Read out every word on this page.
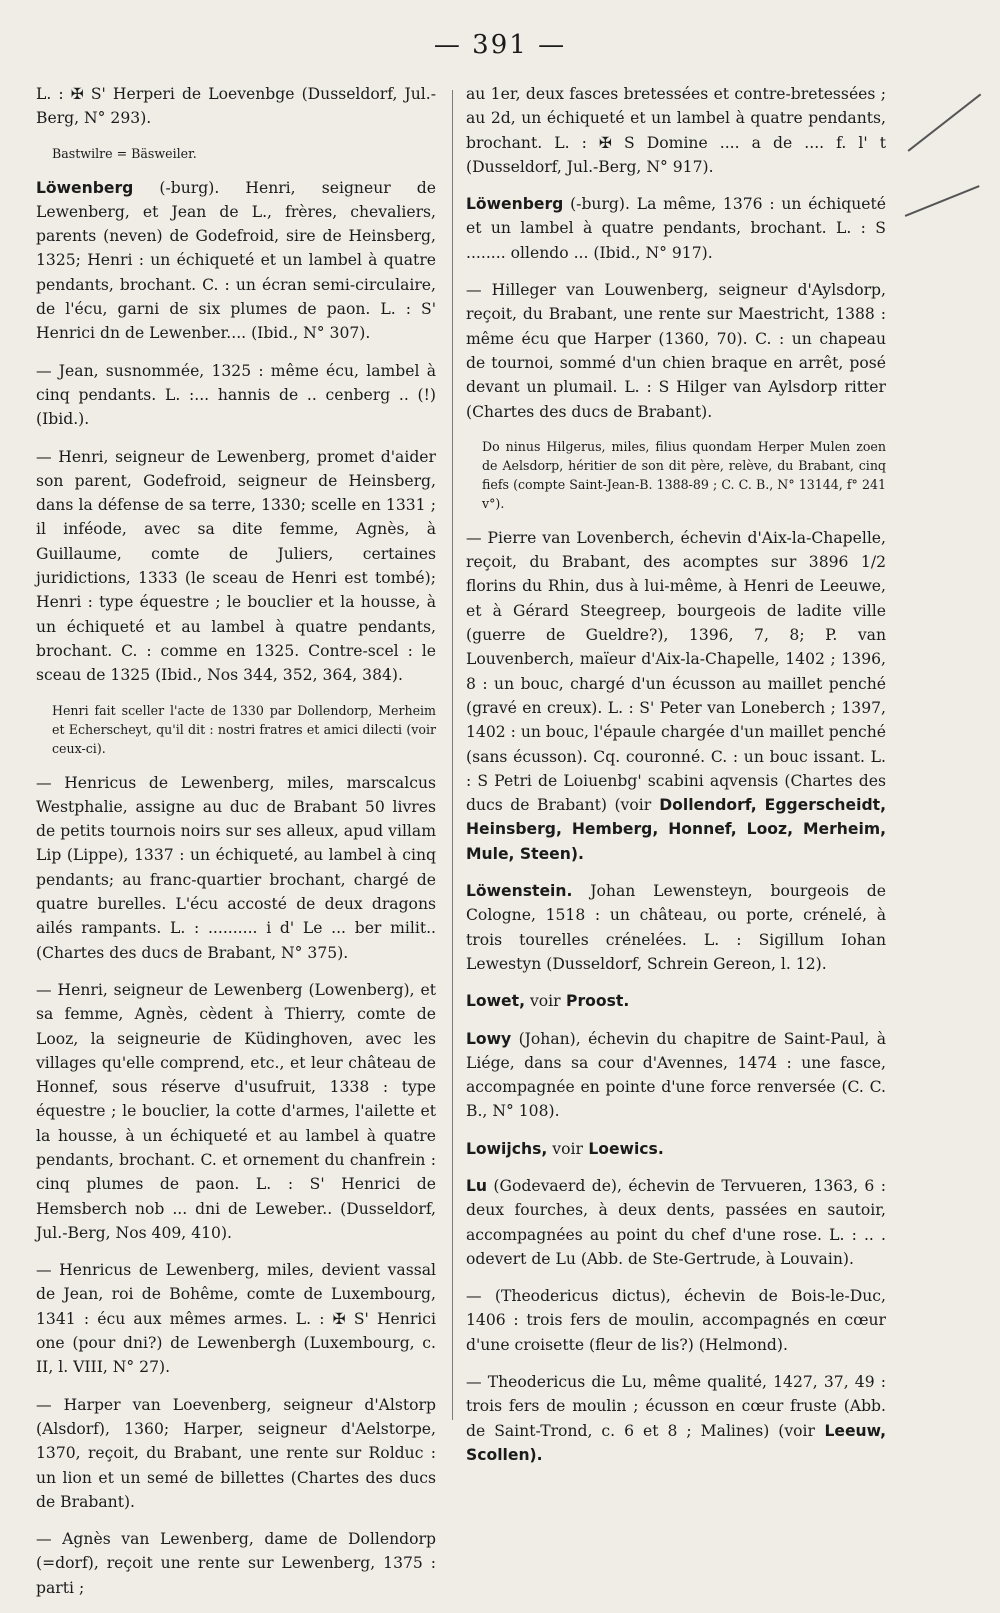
— 391 —
L. : ✠ S' Herperi de Loevenbge (Dusseldorf, Jul.-Berg, N° 293).
Bastwilre = Bäsweiler.
Löwenberg (-burg). Henri, seigneur de Lewenberg, et Jean de L., frères, chevaliers, parents (neven) de Godefroid, sire de Heinsberg, 1325; Henri : un échiqueté et un lambel à quatre pendants, brochant. C. : un écran semi-circulaire, de l'écu, garni de six plumes de paon. L. : S' Henrici dn de Lewenber.... (Ibid., N° 307).
— Jean, susnommée, 1325 : même écu, lambel à cinq pendants. L. :... hannis de .. cenberg .. (!) (Ibid.).
— Henri, seigneur de Lewenberg, promet d'aider son parent, Godefroid, seigneur de Heinsberg, dans la défense de sa terre, 1330; scelle en 1331 ; il inféode, avec sa dite femme, Agnès, à Guillaume, comte de Juliers, certaines juridictions, 1333 (le sceau de Henri est tombé); Henri : type équestre ; le bouclier et la housse, à un échiqueté et au lambel à quatre pendants, brochant. C. : comme en 1325. Contre-scel : le sceau de 1325 (Ibid., Nos 344, 352, 364, 384).
Henri fait sceller l'acte de 1330 par Dollendorp, Merheim et Echerscheyt, qu'il dit : nostri fratres et amici dilecti (voir ceux-ci).
— Henricus de Lewenberg, miles, marscalcus Westphalie, assigne au duc de Brabant 50 livres de petits tournois noirs sur ses alleux, apud villam Lip (Lippe), 1337 : un échiqueté, au lambel à cinq pendants; au franc-quartier brochant, chargé de quatre burelles. L'écu accosté de deux dragons ailés rampants. L. : .......... i d' Le ... ber milit.. (Chartes des ducs de Brabant, N° 375).
— Henri, seigneur de Lewenberg (Lowenberg), et sa femme, Agnès, cèdent à Thierry, comte de Looz, la seigneurie de Küdinghoven, avec les villages qu'elle comprend, etc., et leur château de Honnef, sous réserve d'usufruit, 1338 : type équestre ; le bouclier, la cotte d'armes, l'ailette et la housse, à un échiqueté et au lambel à quatre pendants, brochant. C. et ornement du chanfrein : cinq plumes de paon. L. : S' Henrici de Hemsberch nob ... dni de Leweber.. (Dusseldorf, Jul.-Berg, Nos 409, 410).
— Henricus de Lewenberg, miles, devient vassal de Jean, roi de Bohême, comte de Luxembourg, 1341 : écu aux mêmes armes. L. : ✠ S' Henrici one (pour dni?) de Lewenbergh (Luxembourg, c. II, l. VIII, N° 27).
— Harper van Loevenberg, seigneur d'Alstorp (Alsdorf), 1360; Harper, seigneur d'Aelstorpe, 1370, reçoit, du Brabant, une rente sur Rolduc : un lion et un semé de billettes (Chartes des ducs de Brabant).
— Agnès van Lewenberg, dame de Dollendorp (=dorf), reçoit une rente sur Lewenberg, 1375 : parti ;
au 1er, deux fasces bretessées et contre-bretessées ; au 2d, un échiqueté et un lambel à quatre pendants, brochant. L. : ✠ S Domine .... a de .... f. l' t (Dusseldorf, Jul.-Berg, N° 917).
Löwenberg (-burg). La même, 1376 : un échiqueté et un lambel à quatre pendants, brochant. L. : S ........ ollendo ... (Ibid., N° 917).
— Hilleger van Louwenberg, seigneur d'Aylsdorp, reçoit, du Brabant, une rente sur Maestricht, 1388 : même écu que Harper (1360, 70). C. : un chapeau de tournoi, sommé d'un chien braque en arrêt, posé devant un plumail. L. : S Hilger van Aylsdorp ritter (Chartes des ducs de Brabant).
Do ninus Hilgerus, miles, filius quondam Herper Mulen zoen de Aelsdorp, héritier de son dit père, relève, du Brabant, cinq fiefs (compte Saint-Jean-B. 1388-89 ; C. C. B., N° 13144, f° 241 v°).
— Pierre van Lovenberch, échevin d'Aix-la-Chapelle, reçoit, du Brabant, des acomptes sur 3896 1/2 florins du Rhin, dus à lui-même, à Henri de Leeuwe, et à Gérard Steegreep, bourgeois de ladite ville (guerre de Gueldre?), 1396, 7, 8; P. van Louvenberch, maïeur d'Aix-la-Chapelle, 1402 ; 1396, 8 : un bouc, chargé d'un écusson au maillet penché (gravé en creux). L. : S' Peter van Loneberch ; 1397, 1402 : un bouc, l'épaule chargée d'un maillet penché (sans écusson). Cq. couronné. C. : un bouc issant. L. : S Petri de Loiuenbg' scabini aqvensis (Chartes des ducs de Brabant) (voir Dollendorf, Eggerscheidt, Heinsberg, Hemberg, Honnef, Looz, Merheim, Mule, Steen).
Löwenstein. Johan Lewensteyn, bourgeois de Cologne, 1518 : un château, ou porte, crénelé, à trois tourelles crénelées. L. : Sigillum Iohan Lewestyn (Dusseldorf, Schrein Gereon, l. 12).
Lowet, voir Proost.
Lowy (Johan), échevin du chapitre de Saint-Paul, à Liége, dans sa cour d'Avennes, 1474 : une fasce, accompagnée en pointe d'une force renversée (C. C. B., N° 108).
Lowijchs, voir Loewics.
Lu (Godevaerd de), échevin de Tervueren, 1363, 6 : deux fourches, à deux dents, passées en sautoir, accompagnées au point du chef d'une rose. L. : .. . odevert de Lu (Abb. de Ste-Gertrude, à Louvain).
— (Theodericus dictus), échevin de Bois-le-Duc, 1406 : trois fers de moulin, accompagnés en cœur d'une croisette (fleur de lis?) (Helmond).
— Theodericus die Lu, même qualité, 1427, 37, 49 : trois fers de moulin ; écusson en cœur fruste (Abb. de Saint-Trond, c. 6 et 8 ; Malines) (voir Leeuw, Scollen).
